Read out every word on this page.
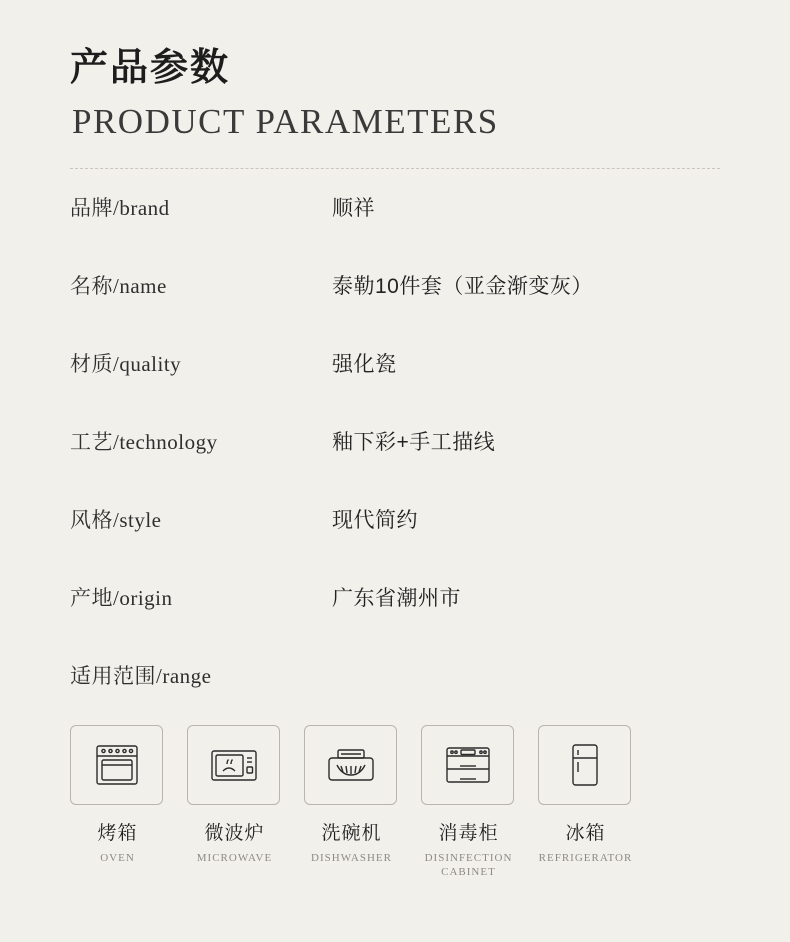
产品参数
PRODUCT PARAMETERS
品牌/brand	顺祥
名称/name	泰勒10件套（亚金渐变灰）
材质/quality	强化瓷
工艺/technology	釉下彩+手工描线
风格/style	现代简约
产地/origin	广东省潮州市
适用范围/range
烤箱
OVEN
微波炉
MICROWAVE
洗碗机
DISHWASHER
消毒柜
DISINFECTION CABINET
冰箱
REFRIGERATOR
